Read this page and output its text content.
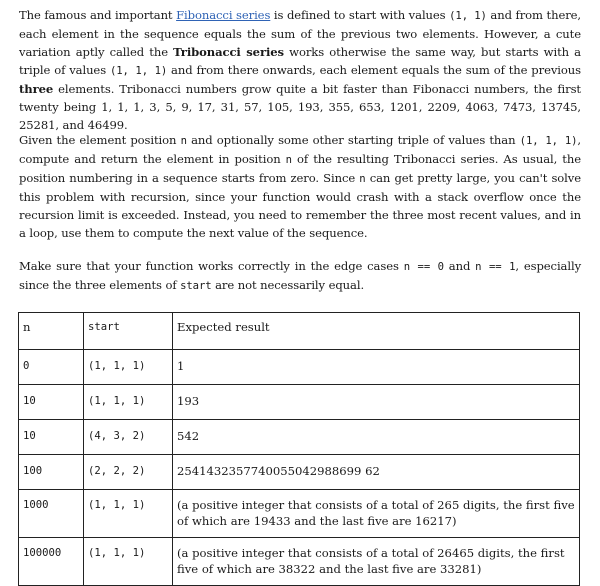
The famous and important Fibonacci series is defined to start with values (1, 1) and from there, each element in the sequence equals the sum of the previous two elements. However, a cute variation aptly called the Tribonacci series works otherwise the same way, but starts with a triple of values (1, 1, 1) and from there onwards, each element equals the sum of the previous three elements. Tribonacci numbers grow quite a bit faster than Fibonacci numbers, the first twenty being 1, 1, 1, 3, 5, 9, 17, 31, 57, 105, 193, 355, 653, 1201, 2209, 4063, 7473, 13745, 25281, and 46499.

Given the element position n and optionally some other starting triple of values than (1, 1, 1), compute and return the element in position n of the resulting Tribonacci series. As usual, the position numbering in a sequence starts from zero. Since n can get pretty large, you can't solve this problem with recursion, since your function would crash with a stack overflow once the recursion limit is exceeded. Instead, you need to remember the three most recent values, and in a loop, use them to compute the next value of the sequence.

Make sure that your function works correctly in the edge cases n == 0 and n == 1, especially since the three elements of start are not necessarily equal.

n	start	Expected result
0	(1, 1, 1)	1
10	(1, 1, 1)	193
10	(4, 3, 2)	542
100	(2, 2, 2)	2541432357740055042988699 62
1000	(1, 1, 1)	(a positive integer that consists of a total of 265 digits, the first five of which are 19433 and the last five are 16217)
100000	(1, 1, 1)	(a positive integer that consists of a total of 26465 digits, the first five of which are 38322 and the last five are 33281)
